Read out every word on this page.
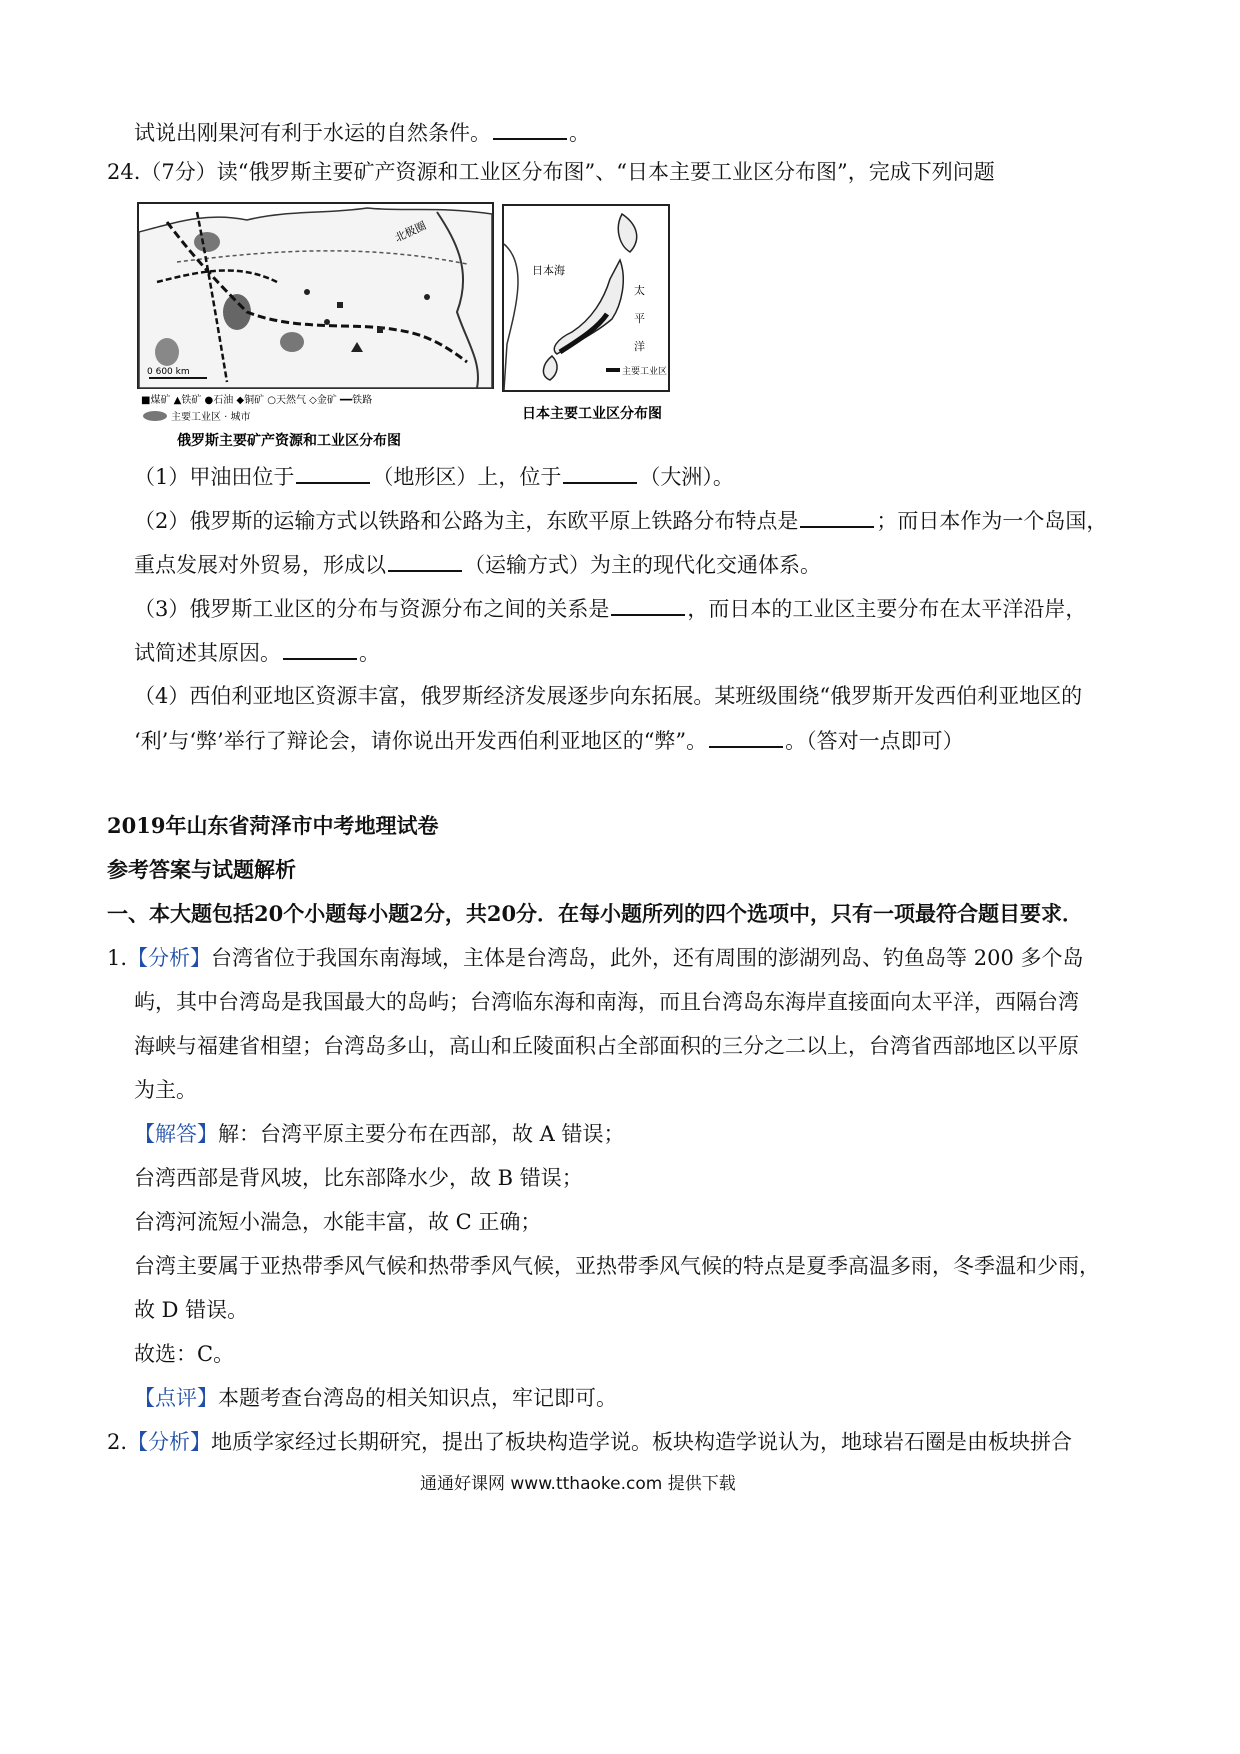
试说出刚果河有利于水运的自然条件。	。
24.（7分）读“俄罗斯主要矿产资源和工业区分布图”、“日本主要工业区分布图”，完成下列问题
北极圈
0 600 km
■煤矿 ▲铁矿 ●石油 ◆铜矿 ○天然气 ◇金矿 ━━铁路
主要工业区 · 城市
俄罗斯主要矿产资源和工业区分布图
日本海
太
平
洋
主要工业区
日本主要工业区分布图
（1）甲油田位于	（地形区）上，位于	（大洲）。
（2）俄罗斯的运输方式以铁路和公路为主，东欧平原上铁路分布特点是	；而日本作为一个岛国，
重点发展对外贸易，形成以	（运输方式）为主的现代化交通体系。
（3）俄罗斯工业区的分布与资源分布之间的关系是	，而日本的工业区主要分布在太平洋沿岸，
试简述其原因。	。
（4）西伯利亚地区资源丰富，俄罗斯经济发展逐步向东拓展。某班级围绕“俄罗斯开发西伯利亚地区的
‘利’与‘弊’举行了辩论会，请你说出开发西伯利亚地区的“弊”。	。（答对一点即可）
2019年山东省菏泽市中考地理试卷
参考答案与试题解析
一、本大题包括20个小题每小题2分，共20分．在每小题所列的四个选项中，只有一项最符合题目要求．
1.【分析】台湾省位于我国东南海域，主体是台湾岛，此外，还有周围的澎湖列岛、钓鱼岛等 200 多个岛
屿，其中台湾岛是我国最大的岛屿；台湾临东海和南海，而且台湾岛东海岸直接面向太平洋，西隔台湾
海峡与福建省相望；台湾岛多山，高山和丘陵面积占全部面积的三分之二以上，台湾省西部地区以平原
为主。
【解答】解：台湾平原主要分布在西部，故 A 错误；
台湾西部是背风坡，比东部降水少，故 B 错误；
台湾河流短小湍急，水能丰富，故 C 正确；
台湾主要属于亚热带季风气候和热带季风气候，亚热带季风气候的特点是夏季高温多雨，冬季温和少雨，
故 D 错误。
故选：C。
【点评】本题考查台湾岛的相关知识点，牢记即可。
2.【分析】地质学家经过长期研究，提出了板块构造学说。板块构造学说认为，地球岩石圈是由板块拼合
通通好课网 www.tthaoke.com 提供下载
